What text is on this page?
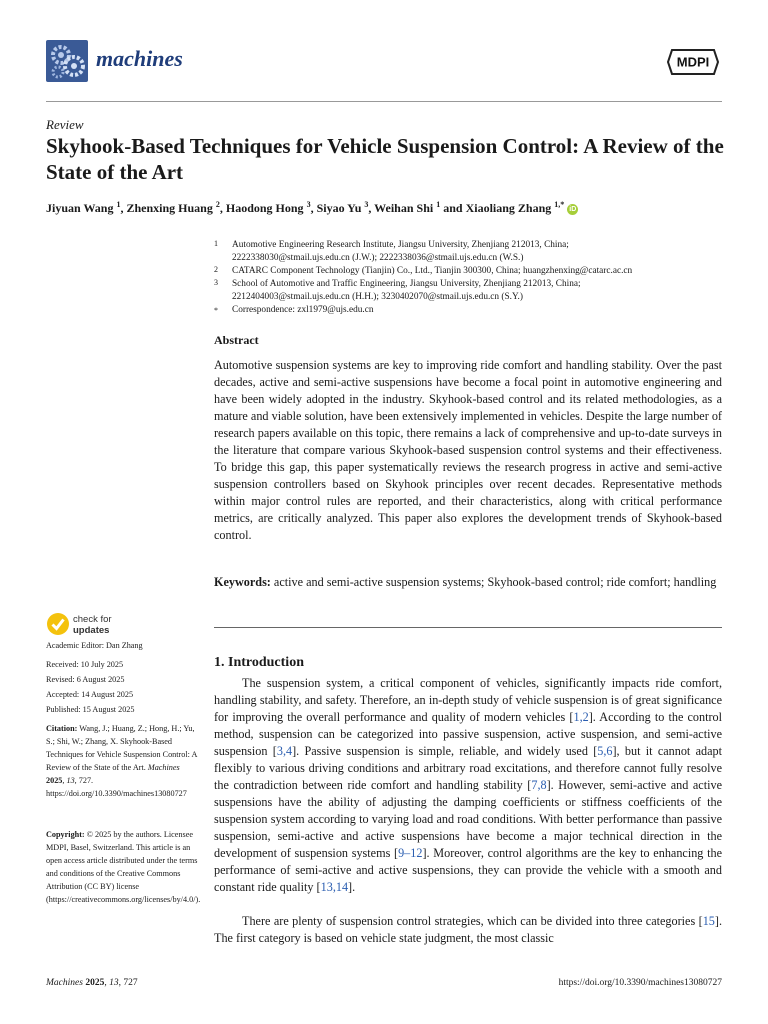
machines	MDPI
Review
Skyhook-Based Techniques for Vehicle Suspension Control: A Review of the State of the Art
Jiyuan Wang $^1$, Zhenxing Huang $^2$, Haodong Hong $^3$, Siyao Yu $^3$, Weihan Shi $^1$ and Xiaoliang Zhang $^{1,*}$ iD
1 Automotive Engineering Research Institute, Jiangsu University, Zhenjiang 212013, China;
2222338030@stmail.ujs.edu.cn (J.W.); 2222338036@stmail.ujs.edu.cn (W.S.)
2 CATARC Component Technology (Tianjin) Co., Ltd., Tianjin 300300, China; huangzhenxing@catarc.ac.cn
3 School of Automotive and Traffic Engineering, Jiangsu University, Zhenjiang 212013, China;
2212404003@stmail.ujs.edu.cn (H.H.); 3230402070@stmail.ujs.edu.cn (S.Y.)
* Correspondence: zxl1979@ujs.edu.cn
Abstract
Automotive suspension systems are key to improving ride comfort and handling stability. Over the past decades, active and semi-active suspensions have become a focal point in automotive engineering and have been widely adopted in the industry. Skyhook-based control and its related methodologies, as a mature and viable solution, have been extensively implemented in vehicles. Despite the large number of research papers available on this topic, there remains a lack of comprehensive and up-to-date surveys in the literature that compare various Skyhook-based suspension control systems and their effectiveness. To bridge this gap, this paper systematically reviews the research progress in active and semi-active suspension controllers based on Skyhook principles over recent decades. Representative methods within major control rules are reported, and their characteristics, along with critical performance metrics, are critically analyzed. This paper also explores the development trends of Skyhook-based control.
Keywords: active and semi-active suspension systems; Skyhook-based control; ride comfort; handling
1. Introduction
The suspension system, a critical component of vehicles, significantly impacts ride comfort, handling stability, and safety. Therefore, an in-depth study of vehicle suspension is of great significance for improving the overall performance and quality of modern vehicles [1,2]. According to the control method, suspension can be categorized into passive suspension, active suspension, and semi-active suspension [3,4]. Passive suspension is simple, reliable, and widely used [5,6], but it cannot adapt flexibly to various driving conditions and arbitrary road excitations, and therefore cannot fully resolve the contradiction between ride comfort and handling stability [7,8]. However, semi-active and active suspensions have the ability of adjusting the damping coefficients or stiffness coefficients of the suspension system according to varying load and road conditions. With better performance than passive suspension, semi-active and active suspensions have become a major technical direction in the development of suspension systems [9–12]. Moreover, control algorithms are the key to enhancing the performance of semi-active and active suspensions, they can provide the vehicle with a smooth and constant ride quality [13,14].
There are plenty of suspension control strategies, which can be divided into three categories [15]. The first category is based on vehicle state judgment, the most classic
check for
updates
Academic Editor: Dan Zhang
Received: 10 July 2025
Revised: 6 August 2025
Accepted: 14 August 2025
Published: 15 August 2025
Citation: Wang, J.; Huang, Z.; Hong, H.; Yu, S.; Shi, W.; Zhang, X. Skyhook-Based Techniques for Vehicle Suspension Control: A Review of the State of the Art. Machines 2025, 13, 727. https://doi.org/10.3390/machines13080727
Copyright: © 2025 by the authors. Licensee MDPI, Basel, Switzerland. This article is an open access article distributed under the terms and conditions of the Creative Commons Attribution (CC BY) license (https://creativecommons.org/licenses/by/4.0/).
Machines 2025, 13, 727	https://doi.org/10.3390/machines13080727
